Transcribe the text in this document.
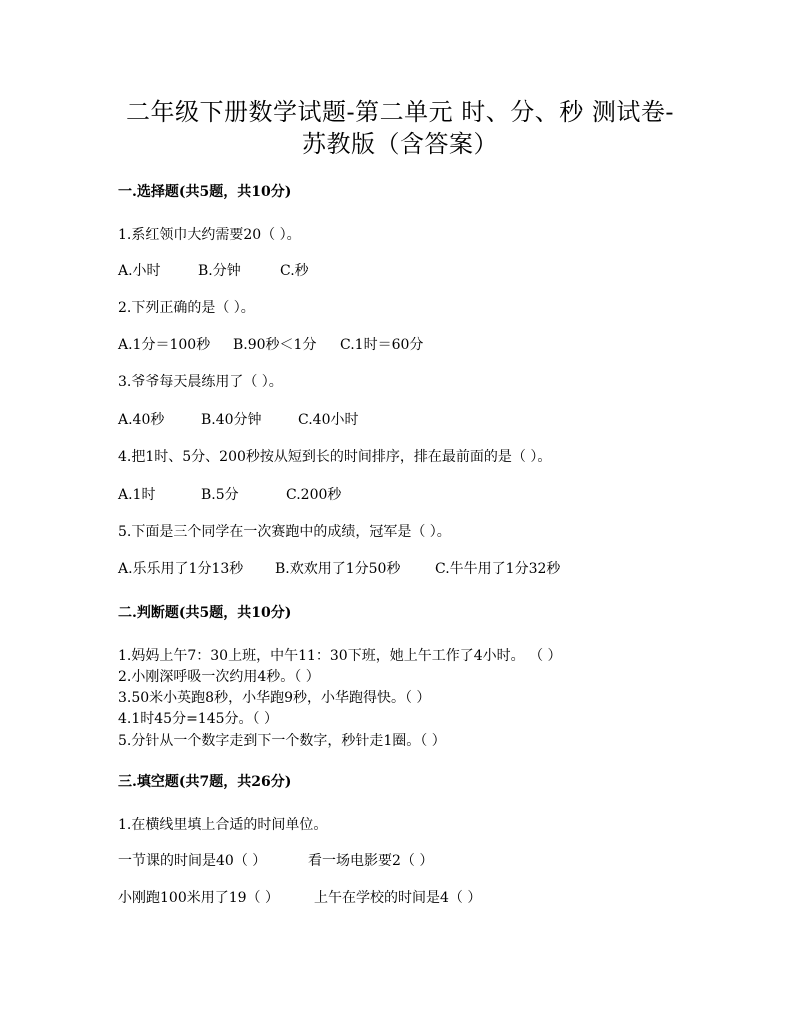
二年级下册数学试题-第二单元 时、分、秒 测试卷-
苏教版（含答案）
一.选择题(共5题，共10分)
1.系红领巾大约需要20（ ）。
A.小时	B.分钟	C.秒
2.下列正确的是（ ）。
A.1分＝100秒 B.90秒＜1分 C.1时＝60分
3.爷爷每天晨练用了（ ）。
A.40秒	B.40分钟	C.40小时
4.把1时、5分、200秒按从短到长的时间排序，排在最前面的是（ ）。
A.1时	B.5分	C.200秒
5.下面是三个同学在一次赛跑中的成绩，冠军是（ ）。
A.乐乐用了1分13秒 B.欢欢用了1分50秒 C.牛牛用了1分32秒
二.判断题(共5题，共10分)
1.妈妈上午7：30上班，中午11：30下班，她上午工作了4小时。 （ ）
2.小刚深呼吸一次约用4秒。（ ）
3.50米小英跑8秒，小华跑9秒，小华跑得快。（ ）
4.1时45分=145分。（ ）
5.分针从一个数字走到下一个数字，秒针走1圈。（ ）
三.填空题(共7题，共26分)
1.在横线里填上合适的时间单位。
一节课的时间是40（ ）	看一场电影要2（ ）
小刚跑100米用了19（ ）	上午在学校的时间是4（ ）
